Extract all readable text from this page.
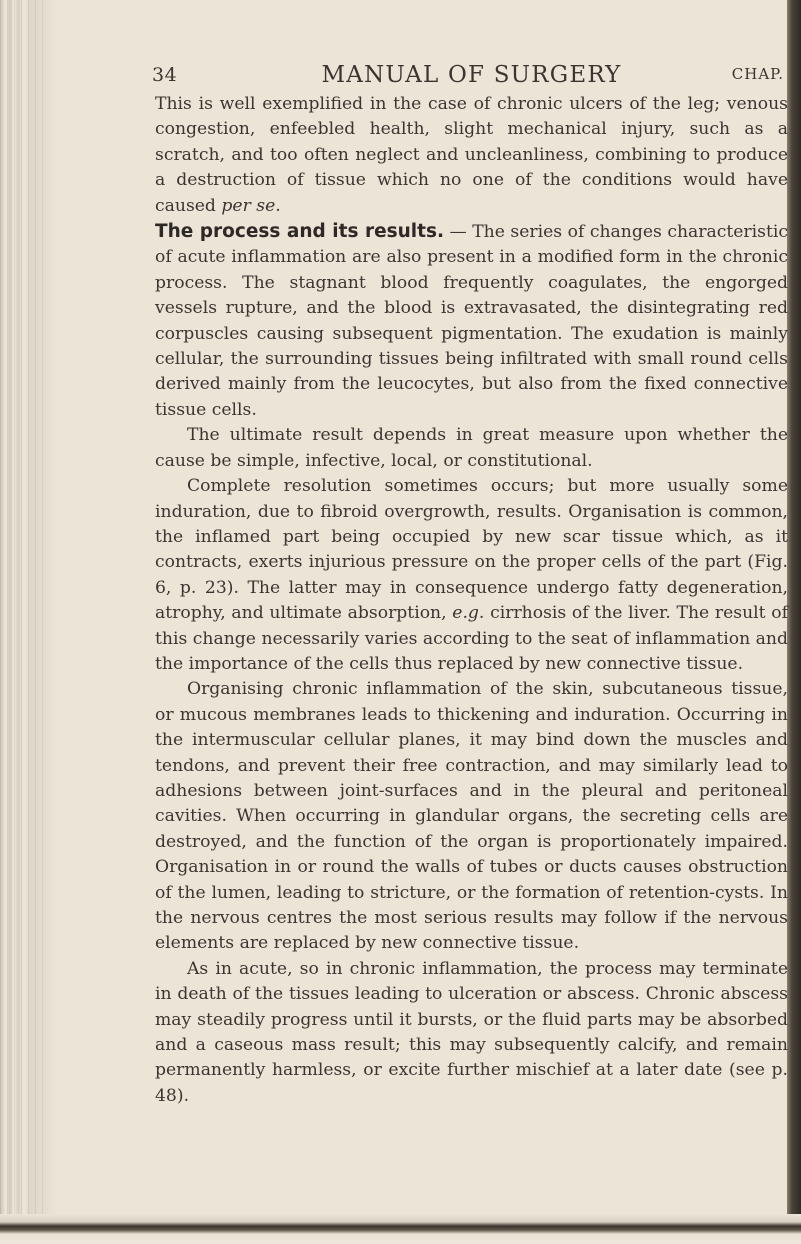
34	MANUAL OF SURGERY	CHAP.

This is well exemplified in the case of chronic ulcers of the leg; venous congestion, enfeebled health, slight mechanical injury, such as a scratch, and too often neglect and uncleanliness, combining to produce a destruction of tissue which no one of the conditions would have caused per se.

The process and its results. — The series of changes characteristic of acute inflammation are also present in a modified form in the chronic process. The stagnant blood frequently coagulates, the engorged vessels rupture, and the blood is extravasated, the disintegrating red corpuscles causing subsequent pigmentation. The exudation is mainly cellular, the surrounding tissues being infiltrated with small round cells derived mainly from the leucocytes, but also from the fixed connective tissue cells.

The ultimate result depends in great measure upon whether the cause be simple, infective, local, or constitutional.

Complete resolution sometimes occurs; but more usually some induration, due to fibroid overgrowth, results. Organisation is common, the inflamed part being occupied by new scar tissue which, as it contracts, exerts injurious pressure on the proper cells of the part (Fig. 6, p. 23). The latter may in consequence undergo fatty degeneration, atrophy, and ultimate absorption, e.g. cirrhosis of the liver. The result of this change necessarily varies according to the seat of inflammation and the importance of the cells thus replaced by new connective tissue.

Organising chronic inflammation of the skin, subcutaneous tissue, or mucous membranes leads to thickening and induration. Occurring in the intermuscular cellular planes, it may bind down the muscles and tendons, and prevent their free contraction, and may similarly lead to adhesions between joint-surfaces and in the pleural and peritoneal cavities. When occurring in glandular organs, the secreting cells are destroyed, and the function of the organ is proportionately impaired. Organisation in or round the walls of tubes or ducts causes obstruction of the lumen, leading to stricture, or the formation of retention-cysts. In the nervous centres the most serious results may follow if the nervous elements are replaced by new connective tissue.

As in acute, so in chronic inflammation, the process may terminate in death of the tissues leading to ulceration or abscess. Chronic abscess may steadily progress until it bursts, or the fluid parts may be absorbed and a caseous mass result; this may subsequently calcify, and remain permanently harmless, or excite further mischief at a later date (see p. 48).
